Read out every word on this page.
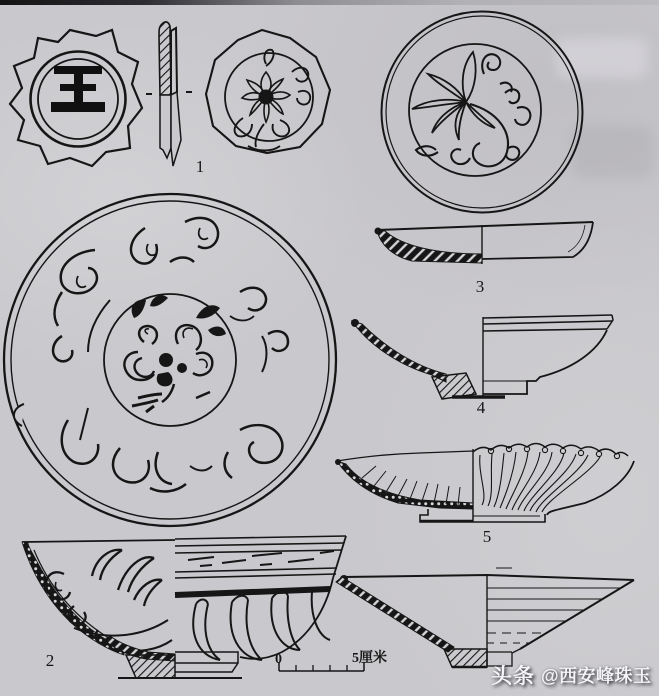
1
3
4
5
2	0	5厘米
头条 @西安峰珠玉
